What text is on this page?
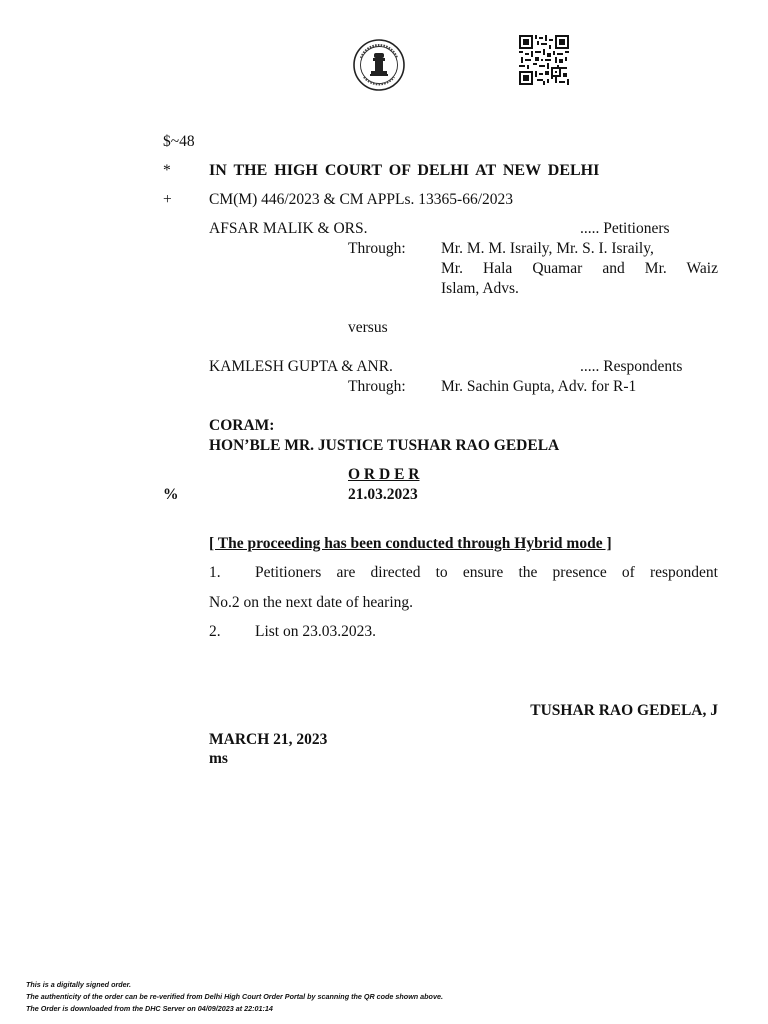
$~48
* IN THE HIGH COURT OF DELHI AT NEW DELHI
+ CM(M) 446/2023 & CM APPLs. 13365-66/2023
AFSAR MALIK & ORS.	..... Petitioners
Through: Mr. M. M. Israily, Mr. S. I. Israily,
Mr. Hala Quamar and Mr. Waiz
Islam, Advs.
versus
KAMLESH GUPTA & ANR.	..... Respondents
Through: Mr. Sachin Gupta, Adv. for R-1
CORAM:
HON’BLE MR. JUSTICE TUSHAR RAO GEDELA
O R D E R
%	21.03.2023
[ The proceeding has been conducted through Hybrid mode ]
1. Petitioners are directed to ensure the presence of respondent
No.2 on the next date of hearing.
2. List on 23.03.2023.
TUSHAR RAO GEDELA, J
MARCH 21, 2023
ms
This is a digitally signed order.
The authenticity of the order can be re-verified from Delhi High Court Order Portal by scanning the QR code shown above.
The Order is downloaded from the DHC Server on 04/09/2023 at 22:01:14
